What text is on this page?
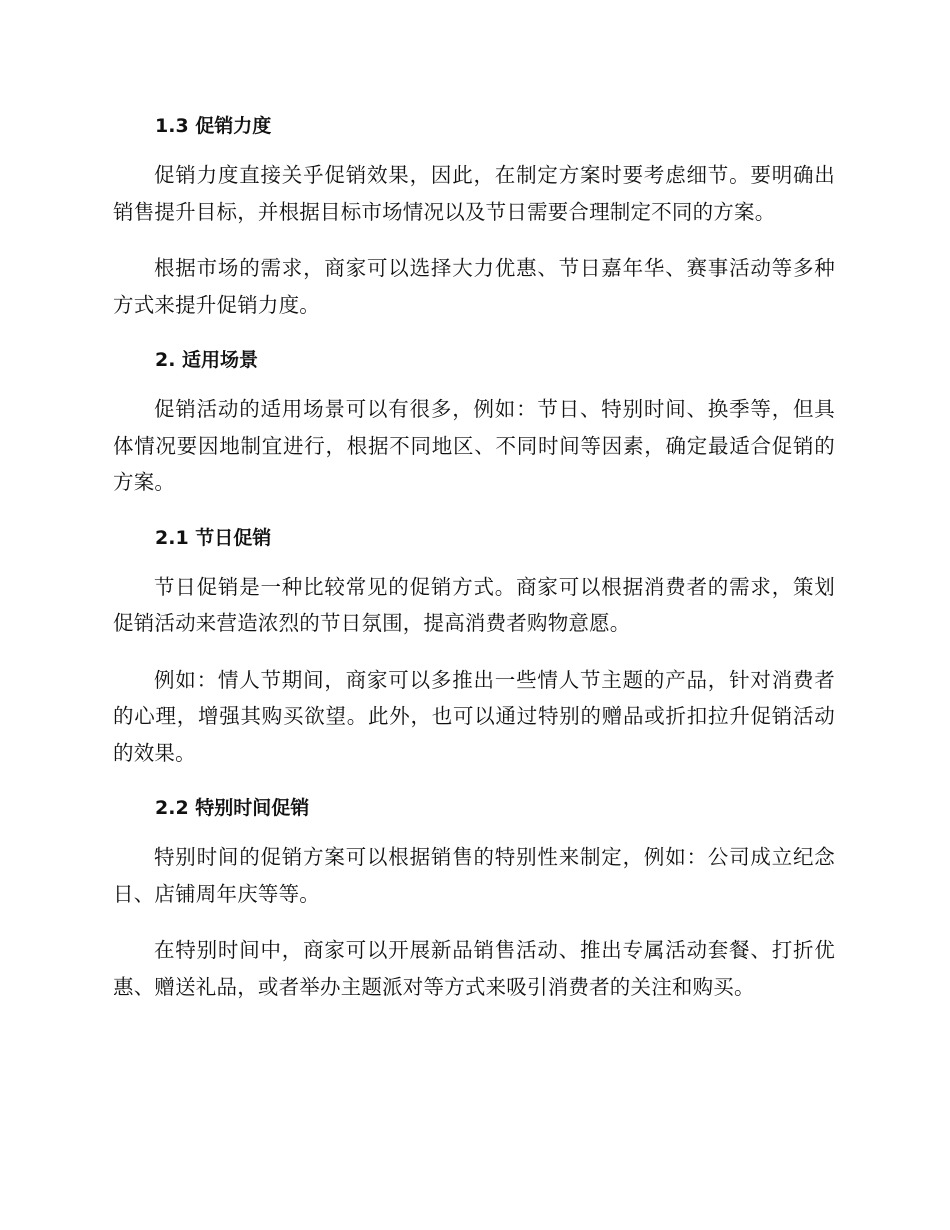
1.3 促销力度

促销力度直接关乎促销效果，因此，在制定方案时要考虑细节。要明确出销售提升目标，并根据目标市场情况以及节日需要合理制定不同的方案。

根据市场的需求，商家可以选择大力优惠、节日嘉年华、赛事活动等多种方式来提升促销力度。

2. 适用场景

促销活动的适用场景可以有很多，例如：节日、特别时间、换季等，但具体情况要因地制宜进行，根据不同地区、不同时间等因素，确定最适合促销的方案。

2.1 节日促销

节日促销是一种比较常见的促销方式。商家可以根据消费者的需求，策划促销活动来营造浓烈的节日氛围，提高消费者购物意愿。

例如：情人节期间，商家可以多推出一些情人节主题的产品，针对消费者的心理，增强其购买欲望。此外，也可以通过特别的赠品或折扣拉升促销活动的效果。

2.2 特别时间促销

特别时间的促销方案可以根据销售的特别性来制定，例如：公司成立纪念日、店铺周年庆等等。

在特别时间中，商家可以开展新品销售活动、推出专属活动套餐、打折优惠、赠送礼品，或者举办主题派对等方式来吸引消费者的关注和购买。
